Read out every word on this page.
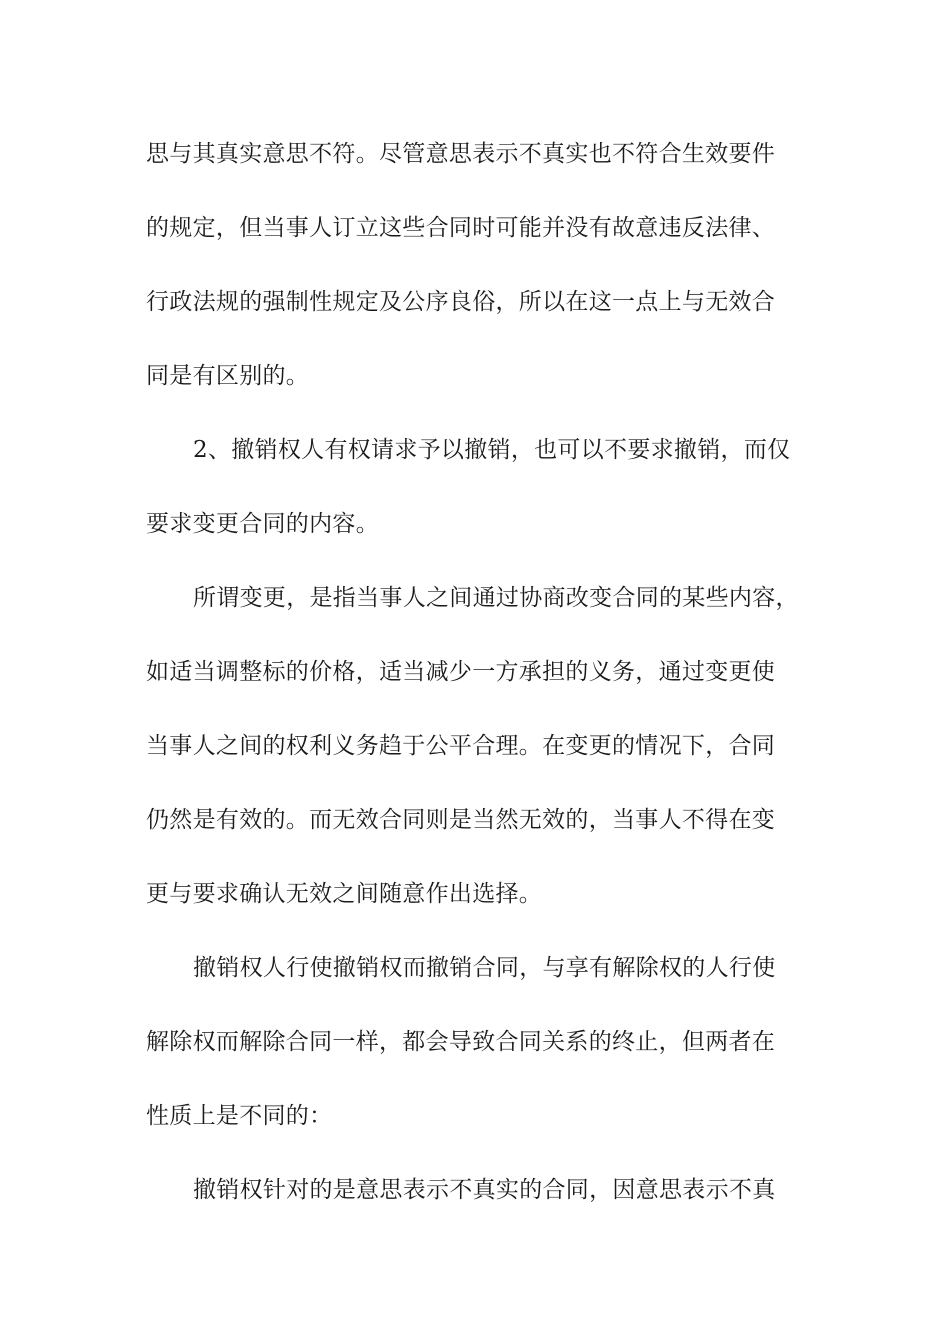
思与其真实意思不符。尽管意思表示不真实也不符合生效要件
的规定，但当事人订立这些合同时可能并没有故意违反法律、
行政法规的强制性规定及公序良俗，所以在这一点上与无效合
同是有区别的。
2、撤销权人有权请求予以撤销，也可以不要求撤销，而仅
要求变更合同的内容。
所谓变更，是指当事人之间通过协商改变合同的某些内容，
如适当调整标的价格，适当减少一方承担的义务，通过变更使
当事人之间的权利义务趋于公平合理。在变更的情况下，合同
仍然是有效的。而无效合同则是当然无效的，当事人不得在变
更与要求确认无效之间随意作出选择。
撤销权人行使撤销权而撤销合同，与享有解除权的人行使
解除权而解除合同一样，都会导致合同关系的终止，但两者在
性质上是不同的：
撤销权针对的是意思表示不真实的合同，因意思表示不真
